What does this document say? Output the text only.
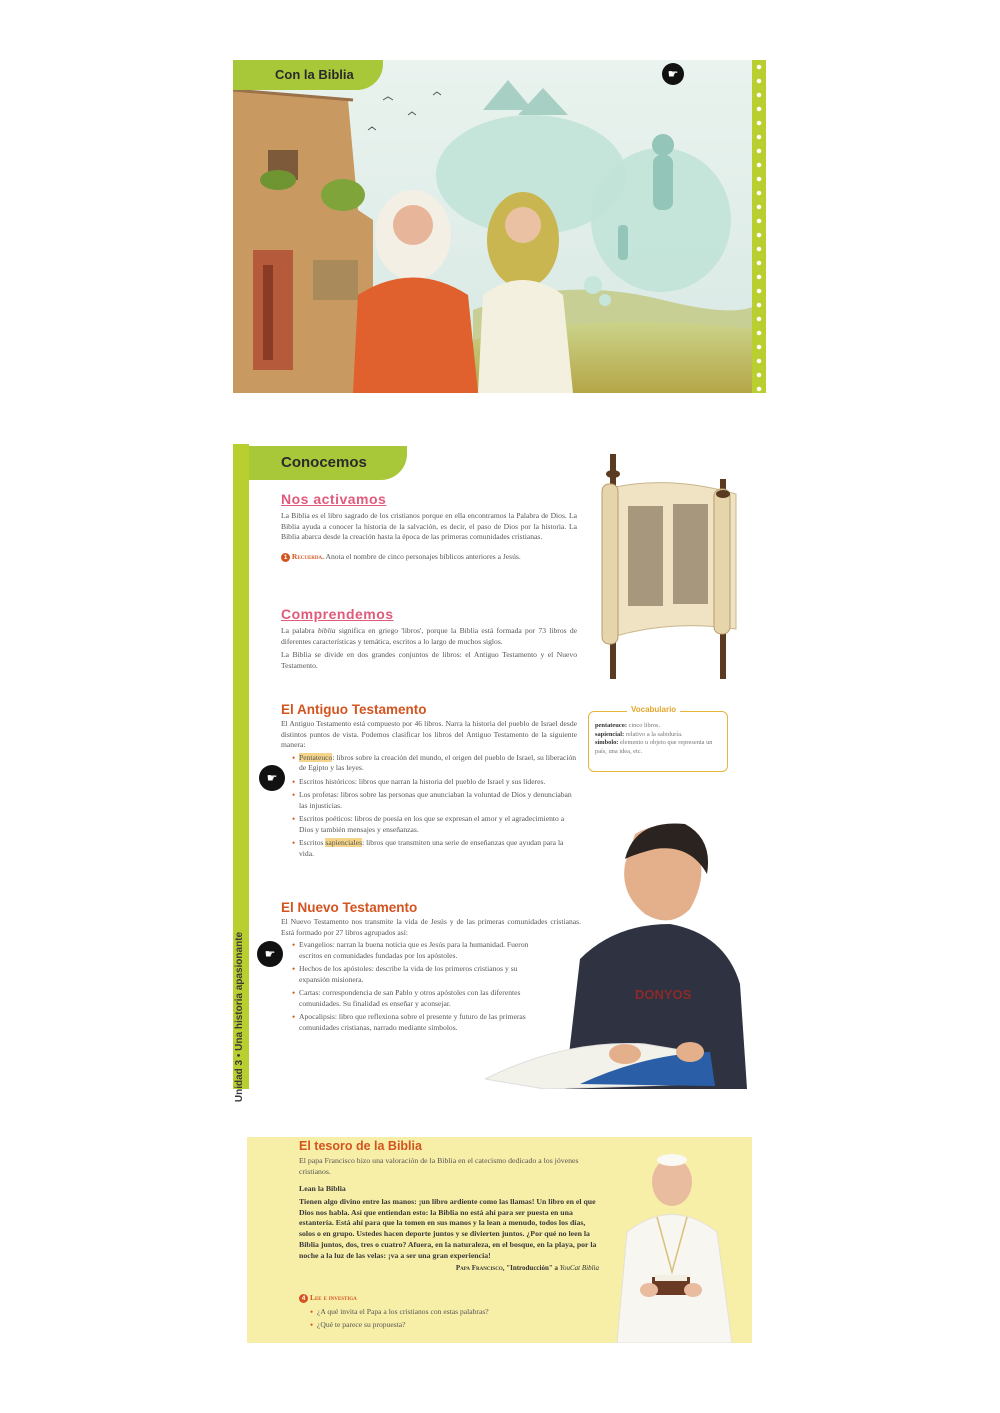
Con la Biblia	☛
Unidad 3 • Una historia apasionante
Conocemos
Nos activamos

La Biblia es el libro sagrado de los cristianos porque en ella encontramos la Palabra de Dios. La Biblia ayuda a conocer la historia de la salvación, es decir, el paso de Dios por la historia. La Biblia abarca desde la creación hasta la época de las primeras comunidades cristianas.

1 Recuerda. Anota el nombre de cinco personajes bíblicos anteriores a Jesús.

Comprendemos

La palabra biblia significa en griego 'libros', porque la Biblia está formada por 73 libros de diferentes características y temática, escritos a lo largo de muchos siglos.

La Biblia se divide en dos grandes conjuntos de libros: el Antiguo Testamento y el Nuevo Testamento.

El Antiguo Testamento

El Antiguo Testamento está compuesto por 46 libros. Narra la historia del pueblo de Israel desde distintos puntos de vista. Podemos clasificar los libros del Antiguo Testamento de la siguiente manera:

• Pentateuco: libros sobre la creación del mundo, el origen del pueblo de Israel, su liberación de Egipto y las leyes.
• Escritos históricos: libros que narran la historia del pueblo de Israel y sus líderes.
• Los profetas: libros sobre las personas que anunciaban la voluntad de Dios y denunciaban las injusticias.
• Escritos poéticos: libros de poesía en los que se expresan el amor y el agradecimiento a Dios y también mensajes y enseñanzas.
• Escritos sapienciales: libros que transmiten una serie de enseñanzas que ayudan para la vida.
☛
El Nuevo Testamento

El Nuevo Testamento nos transmite la vida de Jesús y de las primeras comunidades cristianas. Está formado por 27 libros agrupados así:

• Evangelios: narran la buena noticia que es Jesús para la humanidad. Fueron escritos en comunidades fundadas por los apóstoles.
• Hechos de los apóstoles: describe la vida de los primeros cristianos y su expansión misionera.
• Cartas: correspondencia de san Pablo y otros apóstoles con las diferentes comunidades. Su finalidad es enseñar y aconsejar.
• Apocalipsis: libro que reflexiona sobre el presente y futuro de las primeras comunidades cristianas, narrado mediante símbolos.
☛
Vocabulario

pentateuco: cinco libros.

sapiencial: relativo a la sabiduría.

símbolo: elemento u objeto que representa un país, una idea, etc.

DONYOS
El tesoro de la Biblia

El papa Francisco hizo una valoración de la Biblia en el catecismo dedicado a los jóvenes cristianos.

Lean la Biblia

Tienen algo divino entre las manos: ¡un libro ardiente como las llamas! Un libro en el que Dios nos habla. Así que entiendan esto: la Biblia no está ahí para ser puesta en una estantería. Está ahí para que la tomen en sus manos y la lean a menudo, todos los días, solos o en grupo. Ustedes hacen deporte juntos y se divierten juntos. ¿Por qué no leen la Biblia juntos, dos, tres o cuatro? Afuera, en la naturaleza, en el bosque, en la playa, por la noche a la luz de las velas: ¡va a ser una gran experiencia!

Papa Francisco, "Introducción" a YouCat Biblia

4 Lee e investiga

• ¿A qué invita el Papa a los cristianos con estas palabras?
• ¿Qué te parece su propuesta?
